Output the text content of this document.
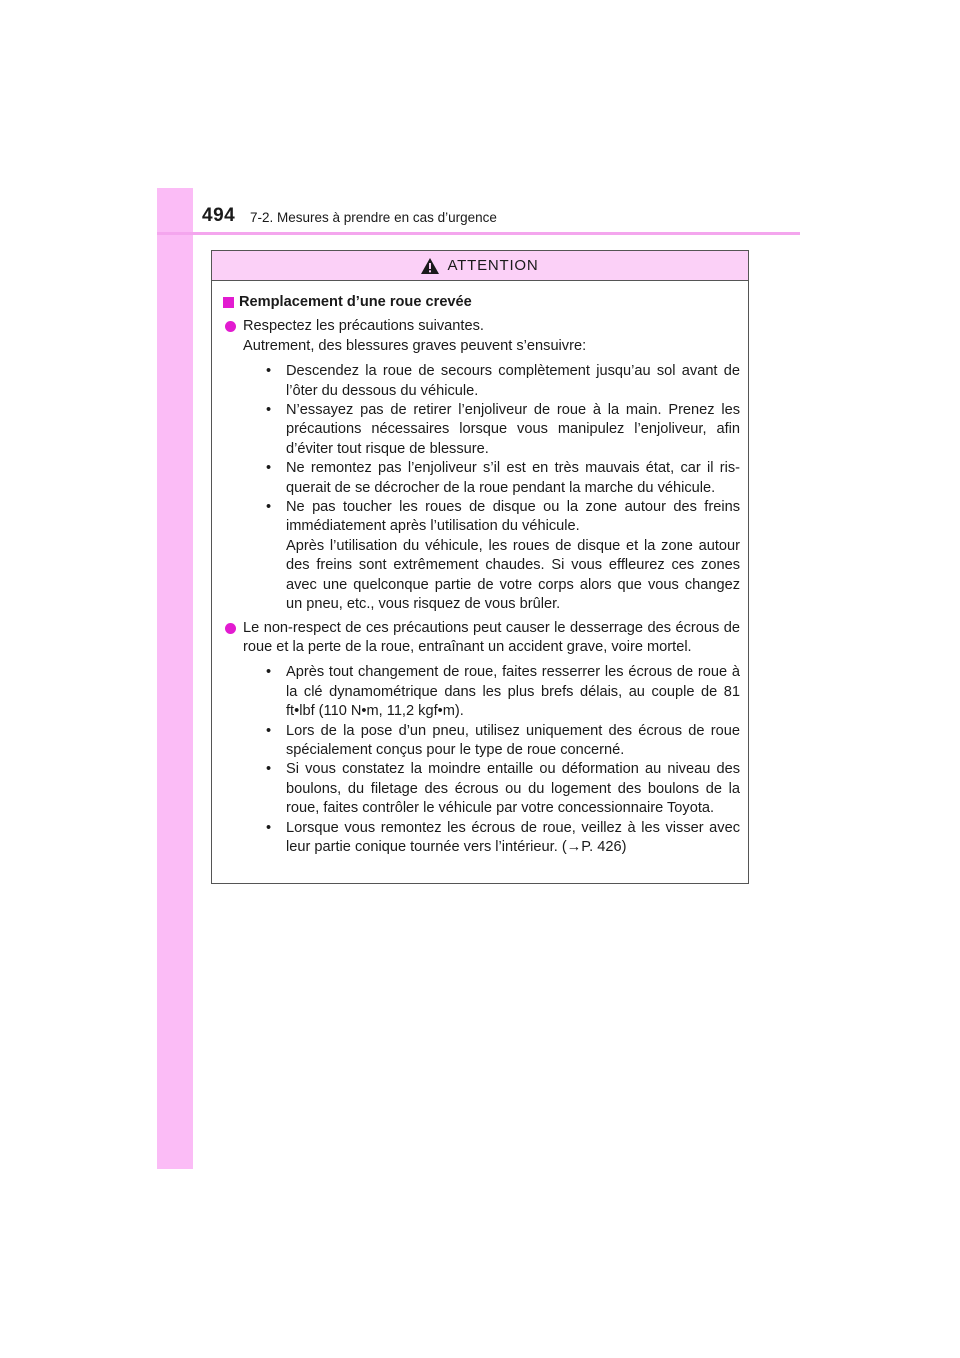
494 7-2. Mesures à prendre en cas d’urgence
ATTENTION
Remplacement d’une roue crevée
Respectez les précautions suivantes.
Autrement, des blessures graves peuvent s’ensuivre:
• Descendez la roue de secours complètement jusqu’au sol avant de l’ôter du dessous du véhicule.
• N’essayez pas de retirer l’enjoliveur de roue à la main. Prenez les précautions nécessaires lorsque vous manipulez l’enjoliveur, afin d’éviter tout risque de blessure.
• Ne remontez pas l’enjoliveur s’il est en très mauvais état, car il ris-querait de se décrocher de la roue pendant la marche du véhicule.
• Ne pas toucher les roues de disque ou la zone autour des freins immédiatement après l’utilisation du véhicule.
Après l’utilisation du véhicule, les roues de disque et la zone autour des freins sont extrêmement chaudes. Si vous effleurez ces zones avec une quelconque partie de votre corps alors que vous changez un pneu, etc., vous risquez de vous brûler.
Le non-respect de ces précautions peut causer le desserrage des écrous de roue et la perte de la roue, entraînant un accident grave, voire mortel.
• Après tout changement de roue, faites resserrer les écrous de roue à la clé dynamométrique dans les plus brefs délais, au couple de 81 ft•lbf (110 N•m, 11,2 kgf•m).
• Lors de la pose d’un pneu, utilisez uniquement des écrous de roue spécialement conçus pour le type de roue concerné.
• Si vous constatez la moindre entaille ou déformation au niveau des boulons, du filetage des écrous ou du logement des boulons de la roue, faites contrôler le véhicule par votre concessionnaire Toyota.
• Lorsque vous remontez les écrous de roue, veillez à les visser avec leur partie conique tournée vers l’intérieur. (→P. 426)
